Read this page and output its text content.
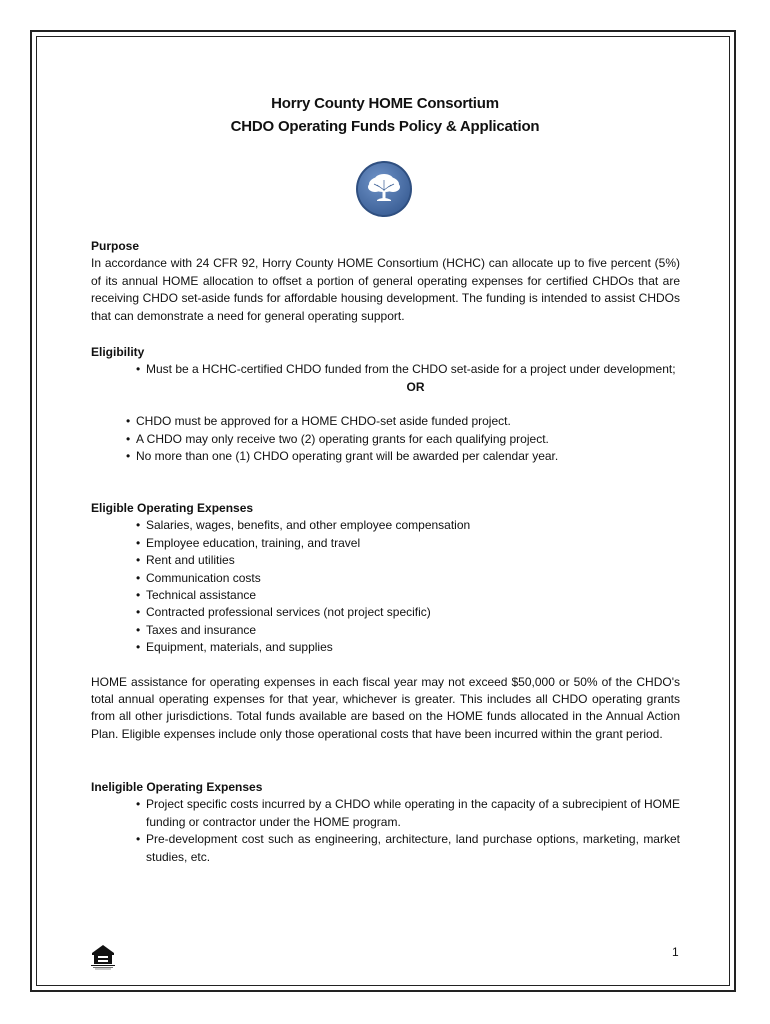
Horry County HOME Consortium
CHDO Operating Funds Policy & Application
Purpose
In accordance with 24 CFR 92, Horry County HOME Consortium (HCHC) can allocate up to five percent (5%) of its annual HOME allocation to offset a portion of general operating expenses for certified CHDOs that are receiving CHDO set-aside funds for affordable housing development. The funding is intended to assist CHDOs that can demonstrate a need for general operating support.
Eligibility
• Must be a HCHC-certified CHDO funded from the CHDO set-aside for a project under development;
OR
• CHDO must be approved for a HOME CHDO-set aside funded project.
• A CHDO may only receive two (2) operating grants for each qualifying project.
• No more than one (1) CHDO operating grant will be awarded per calendar year.
Eligible Operating Expenses
• Salaries, wages, benefits, and other employee compensation
• Employee education, training, and travel
• Rent and utilities
• Communication costs
• Technical assistance
• Contracted professional services (not project specific)
• Taxes and insurance
• Equipment, materials, and supplies
HOME assistance for operating expenses in each fiscal year may not exceed $50,000 or 50% of the CHDO's total annual operating expenses for that year, whichever is greater. This includes all CHDO operating grants from all other jurisdictions. Total funds available are based on the HOME funds allocated in the Annual Action Plan. Eligible expenses include only those operational costs that have been incurred within the grant period.
Ineligible Operating Expenses
• Project specific costs incurred by a CHDO while operating in the capacity of a subrecipient of HOME funding or contractor under the HOME program.
• Pre-development cost such as engineering, architecture, land purchase options, marketing, market studies, etc.
1
